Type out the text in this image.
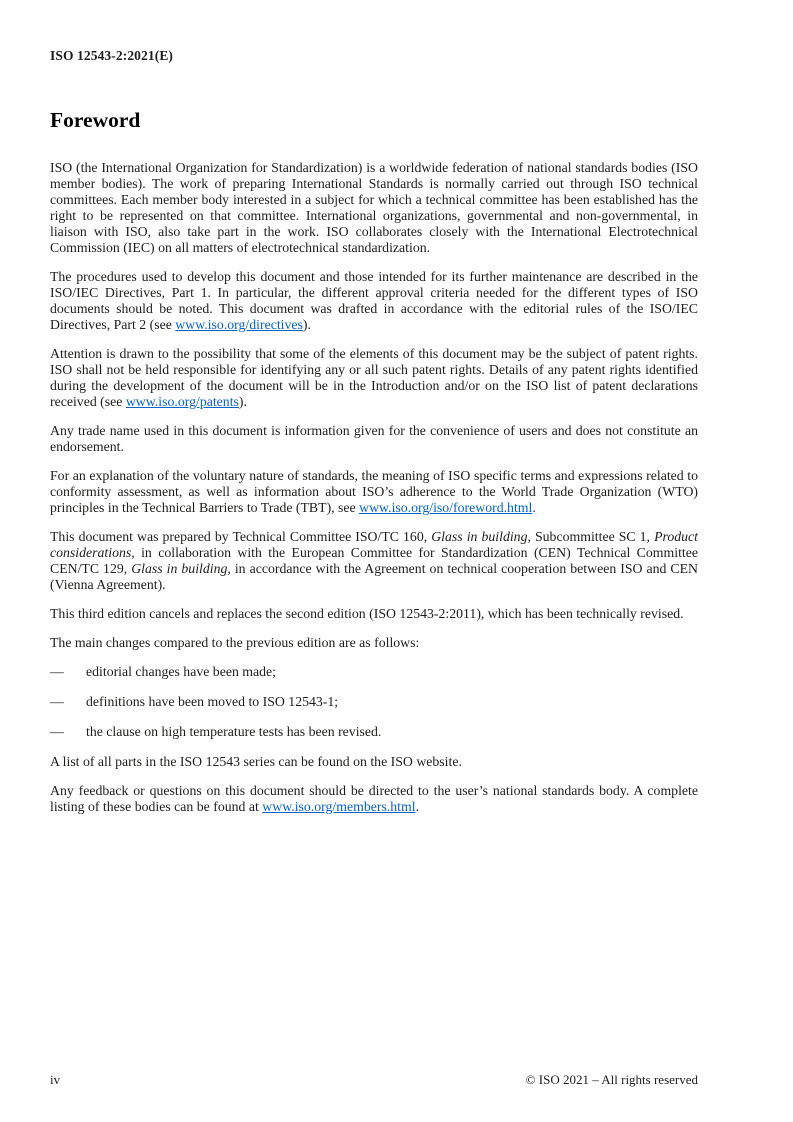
ISO 12543-2:2021(E)
Foreword

ISO (the International Organization for Standardization) is a worldwide federation of national standards bodies (ISO member bodies). The work of preparing International Standards is normally carried out through ISO technical committees. Each member body interested in a subject for which a technical committee has been established has the right to be represented on that committee. International organizations, governmental and non-governmental, in liaison with ISO, also take part in the work. ISO collaborates closely with the International Electrotechnical Commission (IEC) on all matters of electrotechnical standardization.

The procedures used to develop this document and those intended for its further maintenance are described in the ISO/IEC Directives, Part 1. In particular, the different approval criteria needed for the different types of ISO documents should be noted. This document was drafted in accordance with the editorial rules of the ISO/IEC Directives, Part 2 (see www.iso.org/directives).

Attention is drawn to the possibility that some of the elements of this document may be the subject of patent rights. ISO shall not be held responsible for identifying any or all such patent rights. Details of any patent rights identified during the development of the document will be in the Introduction and/or on the ISO list of patent declarations received (see www.iso.org/patents).

Any trade name used in this document is information given for the convenience of users and does not constitute an endorsement.

For an explanation of the voluntary nature of standards, the meaning of ISO specific terms and expressions related to conformity assessment, as well as information about ISO’s adherence to the World Trade Organization (WTO) principles in the Technical Barriers to Trade (TBT), see www.iso.org/iso/foreword.html.

This document was prepared by Technical Committee ISO/TC 160, Glass in building, Subcommittee SC 1, Product considerations, in collaboration with the European Committee for Standardization (CEN) Technical Committee CEN/TC 129, Glass in building, in accordance with the Agreement on technical cooperation between ISO and CEN (Vienna Agreement).

This third edition cancels and replaces the second edition (ISO 12543-2:2011), which has been technically revised.

The main changes compared to the previous edition are as follows:

—	editorial changes have been made;
—	definitions have been moved to ISO 12543-1;
—	the clause on high temperature tests has been revised.

A list of all parts in the ISO 12543 series can be found on the ISO website.

Any feedback or questions on this document should be directed to the user’s national standards body. A complete listing of these bodies can be found at www.iso.org/members.html.

iv	© ISO 2021 – All rights reserved
